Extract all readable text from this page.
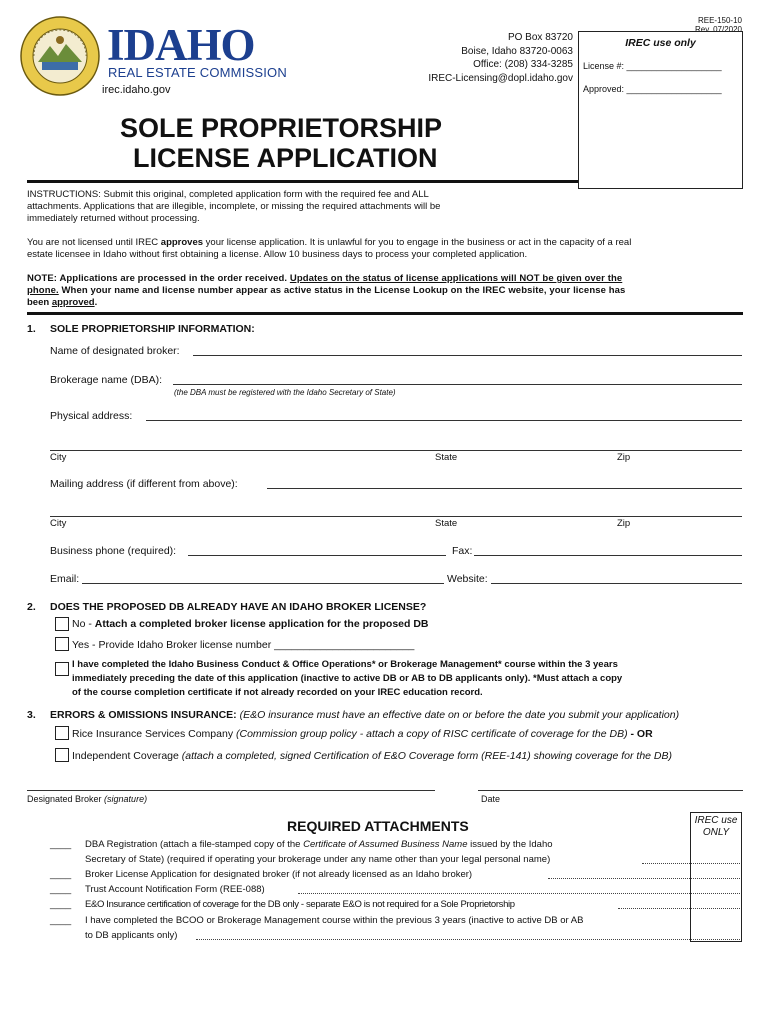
REE-150-10
Rev. 07/2020
IDAHO
REAL ESTATE COMMISSION
irec.idaho.gov
PO Box 83720
Boise, Idaho 83720-0063
Office: (208) 334-3285
IREC-Licensing@dopl.idaho.gov
IREC use only
License #: ___________________
Approved: ___________________
SOLE PROPRIETORSHIP
LICENSE APPLICATION
INSTRUCTIONS: Submit this original, completed application form with the required fee and ALL
attachments. Applications that are illegible, incomplete, or missing the required attachments will be
immediately returned without processing.
You are not licensed until IREC approves your license application. It is unlawful for you to engage in the business or act in the capacity of a real
estate licensee in Idaho without first obtaining a license. Allow 10 business days to process your completed application.
NOTE: Applications are processed in the order received. Updates on the status of license applications will NOT be given over the
phone. When your name and license number appear as active status in the License Lookup on the IREC website, your license has
been approved.
1. SOLE PROPRIETORSHIP INFORMATION:
Name of designated broker:
Brokerage name (DBA):
(the DBA must be registered with the Idaho Secretary of State)
Physical address:
City	State	Zip
Mailing address (if different from above):
City	State	Zip
Business phone (required):	Fax:
Email:	Website:
2. DOES THE PROPOSED DB ALREADY HAVE AN IDAHO BROKER LICENSE?
No - Attach a completed broker license application for the proposed DB
Yes - Provide Idaho Broker license number ________________________
I have completed the Idaho Business Conduct & Office Operations* or Brokerage Management* course within the 3 years
immediately preceding the date of this application (inactive to active DB or AB to DB applicants only). *Must attach a copy
of the course completion certificate if not already recorded on your IREC education record.
3. ERRORS & OMISSIONS INSURANCE: (E&O insurance must have an effective date on or before the date you submit your application)
Rice Insurance Services Company (Commission group policy - attach a copy of RISC certificate of coverage for the DB) - OR
Independent Coverage (attach a completed, signed Certification of E&O Coverage form (REE-141) showing coverage for the DB)
Designated Broker (signature)	Date
REQUIRED ATTACHMENTS	IREC use
ONLY
____ DBA Registration (attach a file-stamped copy of the Certificate of Assumed Business Name issued by the Idaho
Secretary of State) (required if operating your brokerage under any name other than your legal personal name)
____ Broker License Application for designated broker (if not already licensed as an Idaho broker)
____ Trust Account Notification Form (REE-088)
____ E&O Insurance certification of coverage for the DB only - separate E&O is not required for a Sole Proprietorship
____ I have completed the BCOO or Brokerage Management course within the previous 3 years (inactive to active DB or AB
to DB applicants only)
